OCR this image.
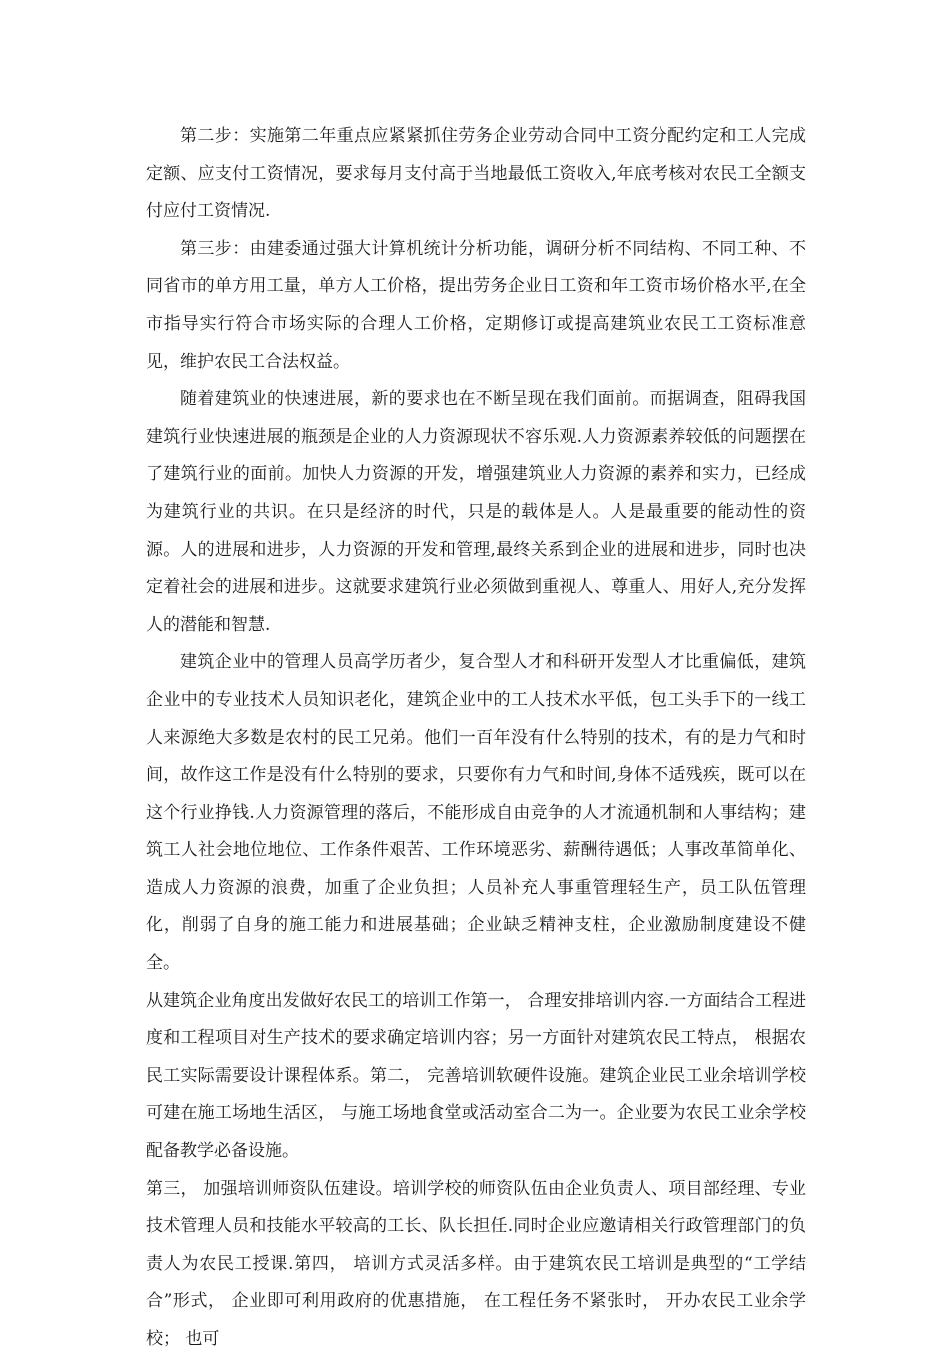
第二步：实施第二年重点应紧紧抓住劳务企业劳动合同中工资分配约定和工人完成定额、应支付工资情况，要求每月支付高于当地最低工资收入,年底考核对农民工全额支付应付工资情况.

第三步：由建委通过强大计算机统计分析功能，调研分析不同结构、不同工种、不同省市的单方用工量，单方人工价格，提出劳务企业日工资和年工资市场价格水平,在全市指导实行符合市场实际的合理人工价格，定期修订或提高建筑业农民工工资标准意见，维护农民工合法权益。

随着建筑业的快速进展，新的要求也在不断呈现在我们面前。而据调查，阻碍我国建筑行业快速进展的瓶颈是企业的人力资源现状不容乐观.人力资源素养较低的问题摆在了建筑行业的面前。加快人力资源的开发，增强建筑业人力资源的素养和实力，已经成为建筑行业的共识。在只是经济的时代，只是的载体是人。人是最重要的能动性的资源。人的进展和进步，人力资源的开发和管理,最终关系到企业的进展和进步，同时也决定着社会的进展和进步。这就要求建筑行业必须做到重视人、尊重人、用好人,充分发挥人的潜能和智慧.

建筑企业中的管理人员高学历者少，复合型人才和科研开发型人才比重偏低，建筑企业中的专业技术人员知识老化，建筑企业中的工人技术水平低，包工头手下的一线工人来源绝大多数是农村的民工兄弟。他们一百年没有什么特别的技术，有的是力气和时间，故作这工作是没有什么特别的要求，只要你有力气和时间,身体不适残疾，既可以在这个行业挣钱.人力资源管理的落后，不能形成自由竞争的人才流通机制和人事结构；建筑工人社会地位地位、工作条件艰苦、工作环境恶劣、薪酬待遇低；人事改革简单化、造成人力资源的浪费，加重了企业负担；人员补充人事重管理轻生产，员工队伍管理化，削弱了自身的施工能力和进展基础；企业缺乏精神支柱，企业激励制度建设不健全。

从建筑企业角度出发做好农民工的培训工作第一， 合理安排培训内容.一方面结合工程进度和工程项目对生产技术的要求确定培训内容；另一方面针对建筑农民工特点， 根据农民工实际需要设计课程体系。第二， 完善培训软硬件设施。建筑企业民工业余培训学校可建在施工场地生活区， 与施工场地食堂或活动室合二为一。企业要为农民工业余学校配备教学必备设施。

第三， 加强培训师资队伍建设。培训学校的师资队伍由企业负责人、项目部经理、专业技术管理人员和技能水平较高的工长、队长担任.同时企业应邀请相关行政管理部门的负责人为农民工授课.第四， 培训方式灵活多样。由于建筑农民工培训是典型的“工学结合”形式， 企业即可利用政府的优惠措施， 在工程任务不紧张时， 开办农民工业余学校； 也可
